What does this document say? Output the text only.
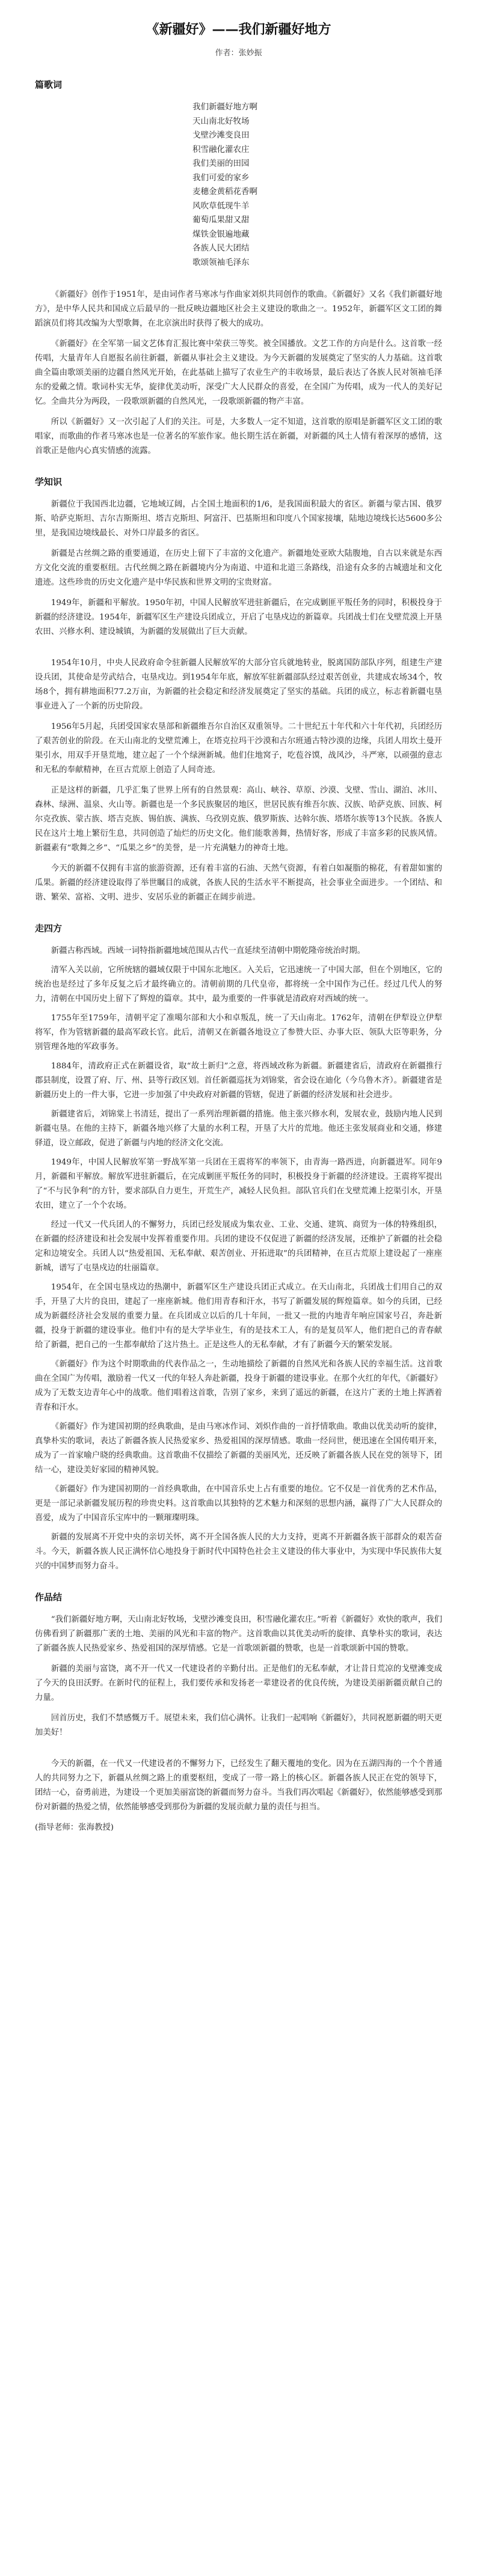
《新疆好》——我们新疆好地方
作者：张妙振
篇歌词
我们新疆好地方啊
天山南北好牧场
戈壁沙滩变良田
积雪融化灌农庄
我们美丽的田园
我们可爱的家乡
麦穗金黄稻花香啊
风吹草低现牛羊
葡萄瓜果甜又甜
煤铁金银遍地藏
各族人民大团结
歌颂领袖毛泽东

《新疆好》创作于1951年，是由词作者马寒冰与作曲家刘炽共同创作的歌曲。《新疆好》又名《我们新疆好地方》，是中华人民共和国成立后最早的一批反映边疆地区社会主义建设的歌曲之一。1952年，新疆军区文工团的舞蹈演员们将其改编为大型歌舞，在北京演出时获得了极大的成功。

《新疆好》在全军第一届文艺体育汇报比赛中荣获三等奖。被全国播放。文艺工作的方向是什么。这首歌一经传唱，大量青年人自愿报名前往新疆，新疆从事社会主义建设。为今天新疆的发展奠定了坚实的人力基础。这首歌曲全篇由歌颂美丽的边疆自然风光开始，在此基础上描写了农业生产的丰收场景，最后表达了各族人民对领袖毛泽东的爱戴之情。歌词朴实无华，旋律优美动听，深受广大人民群众的喜爱，在全国广为传唱，成为一代人的美好记忆。全曲共分为两段，一段歌颂新疆的自然风光，一段歌颂新疆的物产丰富。

所以《新疆好》又一次引起了人们的关注。可是，大多数人一定不知道，这首歌的原唱是新疆军区文工团的歌唱家，而歌曲的作者马寒冰也是一位著名的军旅作家。他长期生活在新疆，对新疆的风土人情有着深厚的感情，这首歌正是他内心真实情感的流露。

学知识

新疆位于我国西北边疆，它地域辽阔，占全国土地面积的1/6，是我国面积最大的省区。新疆与蒙古国、俄罗斯、哈萨克斯坦、吉尔吉斯斯坦、塔吉克斯坦、阿富汗、巴基斯坦和印度八个国家接壤，陆地边境线长达5600多公里，是我国边境线最长、对外口岸最多的省区。

新疆是古丝绸之路的重要通道，在历史上留下了丰富的文化遗产。新疆地处亚欧大陆腹地，自古以来就是东西方文化交流的重要枢纽。古代丝绸之路在新疆境内分为南道、中道和北道三条路线，沿途有众多的古城遗址和文化遗迹。这些珍贵的历史文化遗产是中华民族和世界文明的宝贵财富。

1949年，新疆和平解放。1950年初，中国人民解放军进驻新疆后，在完成剿匪平叛任务的同时，积极投身于新疆的经济建设。1954年，新疆军区生产建设兵团成立，开启了屯垦戍边的新篇章。兵团战士们在戈壁荒漠上开垦农田、兴修水利、建设城镇，为新疆的发展做出了巨大贡献。

1954年10月，中央人民政府命令驻新疆人民解放军的大部分官兵就地转业，脱离国防部队序列，组建生产建设兵团，其使命是劳武结合，屯垦戍边。到1954年年底，解放军驻新疆部队经过艰苦创业，共建成农场34个，牧场8个，拥有耕地面积77.2万亩，为新疆的社会稳定和经济发展奠定了坚实的基础。兵团的成立，标志着新疆屯垦事业进入了一个新的历史阶段。

1956年5月起，兵团受国家农垦部和新疆维吾尔自治区双重领导。二十世纪五十年代和六十年代初，兵团经历了艰苦创业的阶段。在天山南北的戈壁荒滩上，在塔克拉玛干沙漠和古尔班通古特沙漠的边缘，兵团人用坎土曼开渠引水，用双手开垦荒地，建立起了一个个绿洲新城。他们住地窝子，吃苞谷馍，战风沙，斗严寒，以顽强的意志和无私的奉献精神，在亘古荒原上创造了人间奇迹。

正是这样的新疆，几乎汇集了世界上所有的自然景观：高山、峡谷、草原、沙漠、戈壁、雪山、湖泊、冰川、森林、绿洲、温泉、火山等。新疆也是一个多民族聚居的地区，世居民族有维吾尔族、汉族、哈萨克族、回族、柯尔克孜族、蒙古族、塔吉克族、锡伯族、满族、乌孜别克族、俄罗斯族、达斡尔族、塔塔尔族等13个民族。各族人民在这片土地上繁衍生息，共同创造了灿烂的历史文化。他们能歌善舞，热情好客，形成了丰富多彩的民族风情。新疆素有“歌舞之乡”、“瓜果之乡”的美誉，是一片充满魅力的神奇土地。

今天的新疆不仅拥有丰富的旅游资源，还有着丰富的石油、天然气资源，有着白如凝脂的棉花，有着甜如蜜的瓜果。新疆的经济建设取得了举世瞩目的成就，各族人民的生活水平不断提高，社会事业全面进步。一个团结、和谐、繁荣、富裕、文明、进步、安居乐业的新疆正在阔步前进。

走四方

新疆古称西域。西域一词特指新疆地域范围从古代一直延续至清朝中期乾隆帝统治时期。

清军入关以前，它所统辖的疆域仅限于中国东北地区。入关后，它迅速统一了中国大部，但在个别地区，它的统治也是经过了多年反复之后才最终确立的。清朝前期的几代皇帝，都将统一全中国作为己任。经过几代人的努力，清朝在中国历史上留下了辉煌的篇章。其中，最为重要的一件事就是清政府对西域的统一。

1755年至1759年，清朝平定了准噶尔部和大小和卓叛乱，统一了天山南北。1762年，清朝在伊犁设立伊犁将军，作为管辖新疆的最高军政长官。此后，清朝又在新疆各地设立了参赞大臣、办事大臣、领队大臣等职务，分别管理各地的军政事务。

1884年，清政府正式在新疆设省，取“故土新归”之意，将西域改称为新疆。新疆建省后，清政府在新疆推行郡县制度，设置了府、厅、州、县等行政区划。首任新疆巡抚为刘锦棠，省会设在迪化（今乌鲁木齐）。新疆建省是新疆历史上的一件大事，它进一步加强了中央政府对新疆的管辖，促进了新疆的经济发展和社会进步。

新疆建省后，刘锦棠上书清廷，提出了一系列治理新疆的措施。他主张兴修水利，发展农业，鼓励内地人民到新疆屯垦。在他的主持下，新疆各地兴修了大量的水利工程，开垦了大片的荒地。他还主张发展商业和交通，修建驿道，设立邮政，促进了新疆与内地的经济文化交流。

1949年，中国人民解放军第一野战军第一兵团在王震将军的率领下，由青海一路西进，向新疆进军。同年9月，新疆和平解放。解放军进驻新疆后，在完成剿匪平叛任务的同时，积极投身于新疆的经济建设。王震将军提出了“不与民争利”的方针，要求部队自力更生，开荒生产，减轻人民负担。部队官兵们在戈壁荒滩上挖渠引水，开垦农田，建立了一个个农场。

经过一代又一代兵团人的不懈努力，兵团已经发展成为集农业、工业、交通、建筑、商贸为一体的特殊组织，在新疆的经济建设和社会发展中发挥着重要作用。兵团的建设不仅促进了新疆的经济发展，还维护了新疆的社会稳定和边境安全。兵团人以“热爱祖国、无私奉献、艰苦创业、开拓进取”的兵团精神，在亘古荒原上建设起了一座座新城，谱写了屯垦戍边的壮丽篇章。

1954年，在全国屯垦戍边的热潮中，新疆军区生产建设兵团正式成立。在天山南北，兵团战士们用自己的双手，开垦了大片的良田，建起了一座座新城。他们用青春和汗水，书写了新疆发展的辉煌篇章。如今的兵团，已经成为新疆经济社会发展的重要力量。在兵团成立以后的几十年间，一批又一批的内地青年响应国家号召，奔赴新疆，投身于新疆的建设事业。他们中有的是大学毕业生，有的是技术工人，有的是复员军人，他们把自己的青春献给了新疆，把自己的一生都奉献给了这片热土。正是这些人的无私奉献，才有了新疆今天的繁荣发展。

《新疆好》作为这个时期歌曲的代表作品之一，生动地描绘了新疆的自然风光和各族人民的幸福生活。这首歌曲在全国广为传唱，激励着一代又一代的年轻人奔赴新疆，投身于新疆的建设事业。在那个火红的年代，《新疆好》成为了无数支边青年心中的战歌。他们唱着这首歌，告别了家乡，来到了遥远的新疆，在这片广袤的土地上挥洒着青春和汗水。

《新疆好》作为建国初期的经典歌曲，是由马寒冰作词、刘炽作曲的一首抒情歌曲。歌曲以优美动听的旋律，真挚朴实的歌词，表达了新疆各族人民热爱家乡、热爱祖国的深厚情感。歌曲一经问世，便迅速在全国传唱开来，成为了一首家喻户晓的经典歌曲。这首歌曲不仅描绘了新疆的美丽风光，还反映了新疆各族人民在党的领导下，团结一心，建设美好家园的精神风貌。

《新疆好》作为建国初期的一首经典歌曲，在中国音乐史上占有重要的地位。它不仅是一首优秀的艺术作品，更是一部记录新疆发展历程的珍贵史料。这首歌曲以其独特的艺术魅力和深刻的思想内涵，赢得了广大人民群众的喜爱，成为了中国音乐宝库中的一颗璀璨明珠。

新疆的发展离不开党中央的亲切关怀，离不开全国各族人民的大力支持，更离不开新疆各族干部群众的艰苦奋斗。今天，新疆各族人民正满怀信心地投身于新时代中国特色社会主义建设的伟大事业中，为实现中华民族伟大复兴的中国梦而努力奋斗。

作品结

“我们新疆好地方啊，天山南北好牧场，戈壁沙滩变良田，积雪融化灌农庄。”听着《新疆好》欢快的歌声，我们仿佛看到了新疆那广袤的土地、美丽的风光和丰富的物产。这首歌曲以其优美动听的旋律、真挚朴实的歌词，表达了新疆各族人民热爱家乡、热爱祖国的深厚情感。它是一首歌颂新疆的赞歌，也是一首歌颂新中国的赞歌。

新疆的美丽与富饶，离不开一代又一代建设者的辛勤付出。正是他们的无私奉献，才让昔日荒凉的戈壁滩变成了今天的良田沃野。在新时代的征程上，我们要传承和发扬老一辈建设者的优良传统，为建设美丽新疆贡献自己的力量。

回首历史，我们不禁感慨万千。展望未来，我们信心满怀。让我们一起唱响《新疆好》，共同祝愿新疆的明天更加美好！

今天的新疆，在一代又一代建设者的不懈努力下，已经发生了翻天覆地的变化。因为在五湖四海的一个个普通人的共同努力之下，新疆从丝绸之路上的重要枢纽，变成了一带一路上的核心区。新疆各族人民正在党的领导下，团结一心，奋勇前进，为建设一个更加美丽富饶的新疆而努力奋斗。当我们再次唱起《新疆好》，依然能够感受到那份对新疆的热爱之情，依然能够感受到那份为新疆的发展贡献力量的责任与担当。

(指导老师：张海教授)
